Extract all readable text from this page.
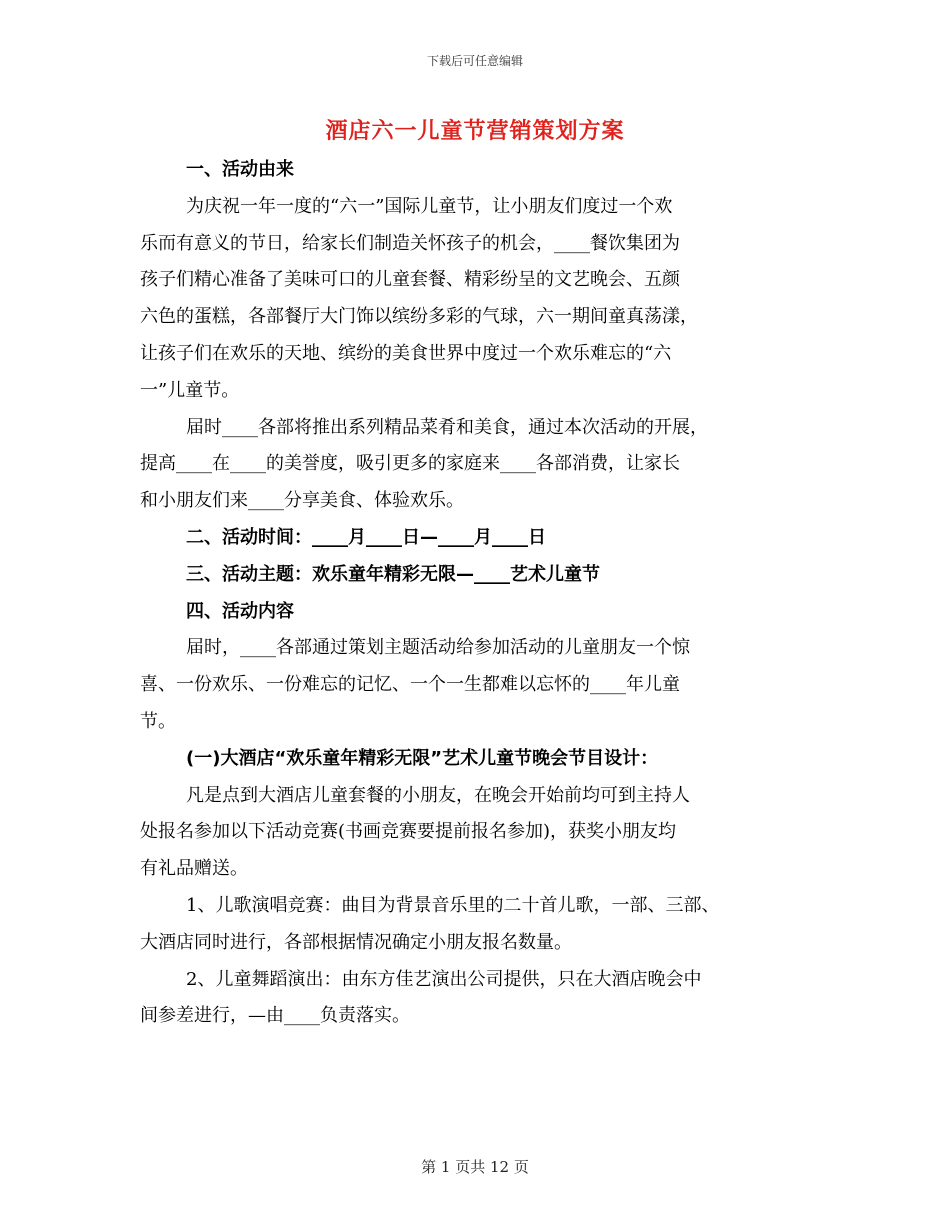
下载后可任意编辑
酒店六一儿童节营销策划方案
一、活动由来
为庆祝一年一度的“六一”国际儿童节，让小朋友们度过一个欢
乐而有意义的节日，给家长们制造关怀孩子的机会，____餐饮集团为
孩子们精心准备了美味可口的儿童套餐、精彩纷呈的文艺晚会、五颜
六色的蛋糕，各部餐厅大门饰以缤纷多彩的气球，六一期间童真荡漾，
让孩子们在欢乐的天地、缤纷的美食世界中度过一个欢乐难忘的“六
一”儿童节。
届时____各部将推出系列精品菜肴和美食，通过本次活动的开展，
提高____在____的美誉度，吸引更多的家庭来____各部消费，让家长
和小朋友们来____分享美食、体验欢乐。
二、活动时间：____月____日—____月____日
三、活动主题：欢乐童年精彩无限—____艺术儿童节
四、活动内容
届时，____各部通过策划主题活动给参加活动的儿童朋友一个惊
喜、一份欢乐、一份难忘的记忆、一个一生都难以忘怀的____年儿童
节。
(一)大酒店“欢乐童年精彩无限”艺术儿童节晚会节目设计：
凡是点到大酒店儿童套餐的小朋友，在晚会开始前均可到主持人
处报名参加以下活动竞赛(书画竞赛要提前报名参加)，获奖小朋友均
有礼品赠送。
1、儿歌演唱竞赛：曲目为背景音乐里的二十首儿歌，一部、三部、
大酒店同时进行，各部根据情况确定小朋友报名数量。
2、儿童舞蹈演出：由东方佳艺演出公司提供，只在大酒店晚会中
间参差进行，—由____负责落实。
第 1 页共 12 页
